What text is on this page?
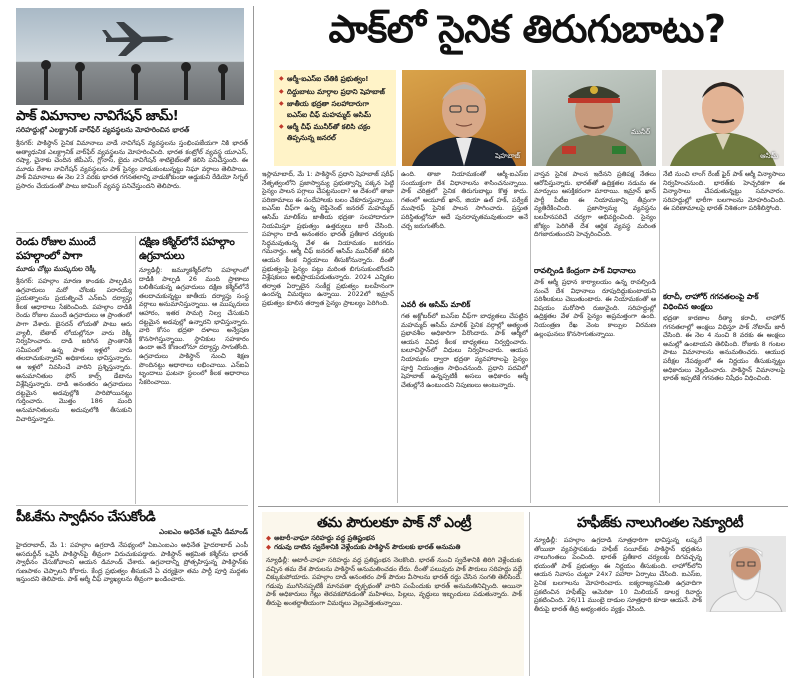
పాక్ విమానాల నావిగేషన్ జామ్!
సరిహద్దుల్లో ఎలక్ట్రానిక్ వార్‌ఫేర్ వ్యవస్థలను మోహరించిన భారత్
శ్రీనగర్: పాకిస్థాన్ సైనిక విమానాలు వాడే నావిగేషన్ వ్యవస్థలను స్తంభింపజేయగా నికి భారత్ అత్యాధునిక ఎలక్ట్రానిక్ వార్‌ఫేర్ వ్యవస్థలను మోహరించింది. భారత కంట్రోల్ వ్యవస్థ యూఎస్, రష్యా, చైనాకు చెందిన జీపీఎస్, గ్లోనాస్, బైదు నావిగేషన్ శాటిలైట్‌లతో కలిసి పనిచేస్తుంది. ఈ మూడు దేశాల నావిగేషన్ వ్యవస్థలను పాక్ సైన్యం వాడుకుంటున్నట్టు నిఘా వర్గాలు తెలిపాయి. పాక్ విమానాలు ఈ నెల 23 వరకు భారత గగనతలాన్ని వాడుకోకుండా అడ్డుకుని రేడియో సిగ్నల్ ప్రసారం చేయడంతో పాటు జామింగ్ వ్యవస్థ పనిచేస్తుందని తెలిపారు.
రెండు రోజుల ముందే పహల్గాంలో పాగా
మూడు చోట్లు ముష్కరుల రెక్కీ
శ్రీనగర్: పహల్గాం మారణ కాండకు పాల్పడిన ఉగ్రవాదులు మరో చోటకు పరారయ్యే ప్రయత్నాలను ప్రయత్నించే ఎన్‌ఐఏ దర్యాప్తు కీలక ఆధారాలు సేకరించింది. పహల్గాం దాడికి రెండు రోజుల ముందే ఉగ్రవాదులు ఆ ప్రాంతంలో పాగా వేశారు. బైసరన్ లోయతో పాటు ఆరు వ్యాలీ, బేతాబ్ లోయల్లోనూ వారు రెక్కీ నిర్వహించారు. దాడి జరిగిన ప్రాంతానికి సమీపంలో ఉన్న పాత ఇళ్లలో వారు తలదాచుకున్నారని అధికారులు భావిస్తున్నారు. ఆ ఇళ్లలో నివసించే వారిని ప్రశ్నిస్తున్నారు. అనుమానితుల ఫోన్ కాల్స్ డేటాను విశ్లేషిస్తున్నారు. దాడి అనంతరం ఉగ్రవాదులు దట్టమైన అడవుల్లోకి పారిపోయినట్టు గుర్తించారు. మొత్తం 186 మంది అనుమానితులను అదుపులోకి తీసుకుని విచారిస్తున్నారు.
దక్షిణ కశ్మీర్‌లోనే పహల్గాం ఉగ్రవాదులు
న్యూఢిల్లీ: జమ్మూకశ్మీర్‌లోని పహల్గాంలో దాడికి పాల్పడి 26 మంది ప్రాణాలు బలితీసుకున్న ఉగ్రవాదులు దక్షిణ కశ్మీర్‌లోనే తలదాచుకున్నట్టు జాతీయ దర్యాప్తు సంస్థ వర్గాలు అనుమానిస్తున్నాయి. ఆ ముష్కరులు ఆహారం, ఇతర సామగ్రి నిల్వ చేసుకుని దట్టమైన అడవుల్లో ఉన్నారని భావిస్తున్నారు. వారి కోసం భద్రతా దళాలు అన్వేషణ కొనసాగిస్తున్నాయి. స్థానికుల సహకారం ఉందా అనే కోణంలోనూ దర్యాప్తు సాగుతోంది. ఉగ్రవాదులు పాకిస్థాన్ నుంచి శిక్షణ పొందినట్టు ఆధారాలు లభించాయి. ఎన్‌ఐఏ బృందాలు ఘటనా స్థలంలో కీలక ఆధారాలు సేకరించాయి.
పీఓకేను స్వాధీనం చేసుకోండి
ఎంఐఎం అధినేత ఒవైసీ డిమాండ్
హైదరాబాద్, మే 1: పహల్గాం ఉగ్రదాడి నేపథ్యంలో ఏఐఎంఐఎం అధినేత హైదరాబాద్ ఎంపీ అసదుద్దీన్ ఒవైసీ పాకిస్థాన్‌పై తీవ్రంగా విరుచుకుపడ్డారు. పాకిస్థాన్ ఆక్రమిత కశ్మీర్‌ను భారత్ స్వాధీనం చేసుకోవాలని ఆయన డిమాండ్ చేశారు. ఉగ్రవాదాన్ని ప్రోత్సహిస్తున్న పాకిస్థాన్‌కు గుణపాఠం చెప్పాలని కోరారు. కేంద్ర ప్రభుత్వం తీసుకునే ఏ చర్యకైనా తమ పార్టీ పూర్తి మద్దతు ఇస్తుందని తెలిపారు. పాక్ ఆర్మీ చీఫ్ వ్యాఖ్యలను తీవ్రంగా ఖండించారు.
పాక్‌లో సైనిక తిరుగుబాటు?
◆ ఆర్మీ-ఐఎస్‌ఐ చేతికి ప్రభుత్వం!
◆ దిద్దుబాటు మార్గాల ప్రధాని షెహబాజ్
◆ జాతీయ భద్రతా సలహాదారుగా ఐఎస్‌ఐ చీఫ్ మహమ్మద్ ఆసిమ్
◆ ఆర్మీ చీఫ్ మునీర్‌తో కలిసి చక్రం తిప్పనున్న జనరల్
షెహబాజ్
మునీర్
ఆసిమ్
ఇస్లామాబాద్, మే 1: పాకిస్థాన్ ప్రధాని షెహబాజ్ షరీఫ్ నేతృత్వంలోని ప్రజాస్వామ్య ప్రభుత్వాన్ని పక్కన పెట్టి సైన్యం పాలన పగ్గాలు చేపట్టనుందా? ఆ దేశంలో తాజా పరిణామాలు ఈ సందేహాలకు బలం చేకూరుస్తున్నాయి. ఐఎస్‌ఐ చీఫ్‌గా ఉన్న లెఫ్టినెంట్ జనరల్ మహమ్మద్ ఆసిమ్ మాలిక్‌ను జాతీయ భద్రతా సలహాదారుగా నియమిస్తూ ప్రభుత్వం ఉత్తర్వులు జారీ చేసింది. పహల్గాం దాడి అనంతరం భారత్ ప్రతీకార చర్యలకు సిద్ధమవుతున్న వేళ ఈ నియామకం జరగడం గమనార్హం. ఆర్మీ చీఫ్ జనరల్ ఆసిమ్ మునీర్‌తో కలిసి ఆయన కీలక నిర్ణయాలు తీసుకోనున్నారు. దీంతో ప్రభుత్వంపై సైన్యం పట్టు మరింత బిగుసుకుంటోందని విశ్లేషకులు అభిప్రాయపడుతున్నారు. 2024 ఎన్నికల తర్వాత ఏర్పాటైన సంకీర్ణ ప్రభుత్వం బలహీనంగా ఉందన్న విమర్శలు ఉన్నాయి. 2022లో ఇమ్రాన్ ప్రభుత్వం కూలిన తర్వాత సైన్యం ప్రాబల్యం పెరిగింది.
ఉంది. తాజా నియామకంతో ఆర్మీ-ఐఎస్‌ఐ సంయుక్తంగా దేశ విధానాలను శాసించనున్నాయి. పాక్ చరిత్రలో సైనిక తిరుగుబాట్లు కొత్త కాదు. గతంలో అయూబ్ ఖాన్, జియా ఉల్ హక్, పర్వేజ్ ముషారఫ్ సైనిక పాలన సాగించారు. ప్రస్తుత పరిస్థితుల్లోనూ అదే పునరావృతమవుతుందా అనే చర్చ జరుగుతోంది.
ఎవరీ ఈ ఆసిమ్ మాలిక్
గత అక్టోబర్‌లో ఐఎస్‌ఐ చీఫ్‌గా బాధ్యతలు చేపట్టిన మహమ్మద్ ఆసిమ్ మాలిక్ సైనిక వర్గాల్లో అత్యంత ప్రభావశీల అధికారిగా పేరొందారు. పాక్ ఆర్మీలో ఆయన వివిధ కీలక బాధ్యతలు నిర్వర్తించారు. బలూచిస్థాన్‌లో విధులు నిర్వహించారు. ఆయన నియామకం ద్వారా భద్రతా వ్యవహారాలపై సైన్యం పూర్తి నియంత్రణ సాధించనుంది. ప్రధాని పదవిలో షెహబాజ్ ఉన్నప్పటికీ అసలు అధికారం ఆర్మీ చేతుల్లోనే ఉంటుందని నిపుణులు అంటున్నారు.
వాస్తవ సైనిక పాలన ఇదేనని ప్రతిపక్ష నేతలు ఆరోపిస్తున్నారు. భారత్‌తో ఉద్రిక్తతల నడుమ ఈ మార్పులు ఆసక్తికరంగా మారాయి. ఇమ్రాన్ ఖాన్ పార్టీ పీటీఐ ఈ నియామకాన్ని తీవ్రంగా వ్యతిరేకించింది. ప్రజాస్వామ్య వ్యవస్థను బలహీనపరిచే చర్యగా అభివర్ణించింది. సైన్యం జోక్యం పెరిగితే దేశ ఆర్థిక వ్యవస్థ మరింత దిగజారుతుందని హెచ్చరించింది.
రావల్పిండి కేంద్రంగా పాక్ విధానాలు
పాక్ ఆర్మీ ప్రధాన కార్యాలయం ఉన్న రావల్పిండి నుంచే దేశ విధానాలు రూపుదిద్దుకుంటాయని పరిశీలకులు చెబుతుంటారు. ఈ నియామకంతో ఆ విషయం మరోసారి రుజువైంది. సరిహద్దుల్లో ఉద్రిక్తతల వేళ పాక్ సైన్యం అప్రమత్తంగా ఉంది. నియంత్రణ రేఖ వెంట కాల్పుల విరమణ ఉల్లంఘనలు కొనసాగుతున్నాయి.
నేటి నుంచి లాంగ్ రేంజ్ ఫైర్ పాక్ ఆర్మీ విన్యాసాలు నిర్వహించనుంది. భారత్‌కు హెచ్చరికగా ఈ విన్యాసాలు చేపడుతున్నట్టు సమాచారం. సరిహద్దుల్లో భారీగా బలగాలను మోహరించింది. ఈ పరిణామాలపై భారత్ నిశితంగా పరిశీలిస్తోంది.
కరాచీ, లాహోర్ గగనతలంపై పాక్ విధించిన ఆంక్షలు
భద్రతా కారణాల రీత్యా కరాచీ, లాహోర్ గగనతలాల్లో ఆంక్షలు విధిస్తూ పాక్ నోటామ్ జారీ చేసింది. ఈ నెల 4 నుంచి 8 వరకు ఈ ఆంక్షలు అమల్లో ఉంటాయని తెలిపింది. రోజుకు 8 గంటల పాటు విమానాలను అనుమతించరు. ఆయుధ పరీక్షల నేపథ్యంలో ఈ నిర్ణయం తీసుకున్నట్టు అధికారులు వెల్లడించారు. పాకిస్థాన్ విమానాలపై భారత్ ఇప్పటికే గగనతల నిషేధం విధించింది.
తమ పౌరులకూ పాక్ నో ఎంట్రీ
◆ అటారీ-వాఘా సరిహద్దు వద్ద ప్రతిష్టంభన
◆ గడువు దాటిన స్వదేశానికి వెళ్లేందుకు పాకిస్థాన్ పౌరులకు భారత్ అనుమతి
న్యూఢిల్లీ: అటారీ-వాఘా సరిహద్దు వద్ద ప్రతిష్టంభన నెలకొంది. భారత్ నుంచి స్వదేశానికి తిరిగి వెళ్లేందుకు వచ్చిన తమ దేశ పౌరులను పాకిస్థాన్ అనుమతించడం లేదు. దీంతో పలువురు పాక్ పౌరులు సరిహద్దు వద్దే చిక్కుకుపోయారు. పహల్గాం దాడి అనంతరం పాక్ పౌరుల వీసాలను భారత్ రద్దు చేసిన సంగతి తెలిసిందే. గడువు ముగిసినప్పటికీ మానవతా దృక్పథంతో వారిని పంపేందుకు భారత్ అనుమతినిచ్చింది. అయినా పాక్ అధికారులు గేట్లు తెరవకపోవడంతో మహిళలు, పిల్లలు, వృద్ధులు ఇబ్బందులు పడుతున్నారు. పాక్ తీరుపై అంతర్జాతీయంగా విమర్శలు వెల్లువెత్తుతున్నాయి.
హఫీజ్‌కు నాలుగింతల సెక్యూరిటీ
న్యూఢిల్లీ: పహల్గాం ఉగ్రదాడి సూత్రధారిగా భావిస్తున్న లష్కరే తోయిబా వ్యవస్థాపకుడు హఫీజ్ సయీద్‌కు పాకిస్థాన్ భద్రతను నాలుగింతలు పెంచింది. భారత్ ప్రతీకార చర్యలకు దిగవచ్చన్న భయంతో పాక్ ప్రభుత్వం ఈ నిర్ణయం తీసుకుంది. లాహోర్‌లోని ఆయన నివాసం చుట్టూ 24x7 పహారా ఏర్పాటు చేసింది. ఐఎస్‌ఐ, సైనిక బలగాలను మోహరించారు. ఐక్యరాజ్యసమితి ఉగ్రవాదిగా ప్రకటించిన హఫీజ్‌పై అమెరికా 10 మిలియన్ డాలర్ల రివార్డు ప్రకటించింది. 26/11 ముంబై దాడుల సూత్రధారి కూడా ఆయనే. పాక్ తీరుపై భారత్ తీవ్ర అభ్యంతరం వ్యక్తం చేసింది.
